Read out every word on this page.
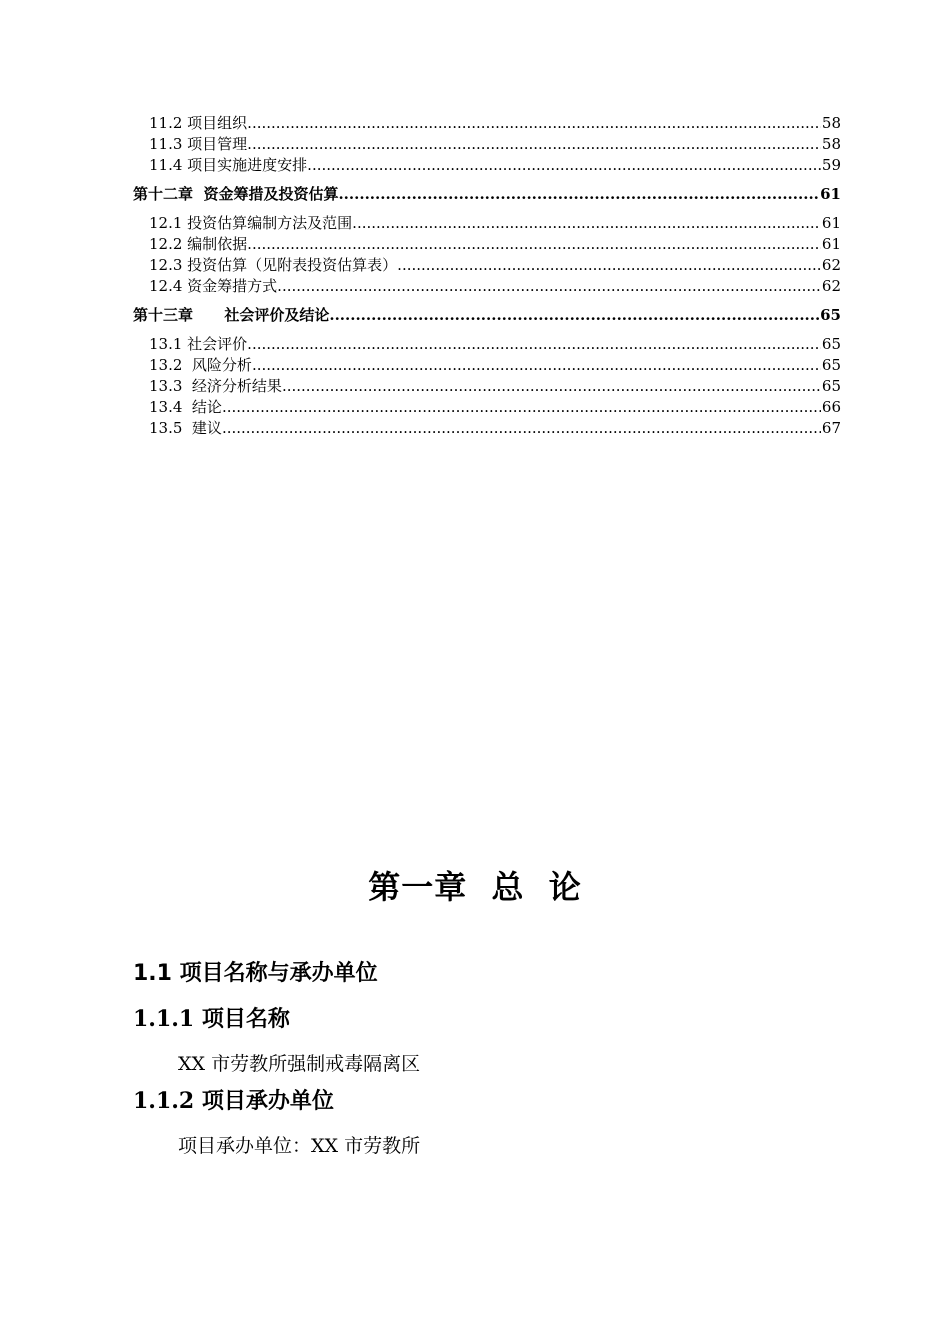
11.2 项目组织 .....	58
11.3 项目管理 .....	58
11.4 项目实施进度安排 .....	59
第十二章  资金筹措及投资估算 .....	61
12.1 投资估算编制方法及范围 .....	61
12.2 编制依据 .....	61
12.3 投资估算（见附表投资估算表） .....	62
12.4 资金筹措方式 .....	62
第十三章      社会评价及结论 .....	65
13.1 社会评价 .....	65
13.2  风险分析 .....	65
13.3  经济分析结果 .....	65
13.4  结论 .....	66
13.5  建议 .....	67
第一章  总  论
1.1 项目名称与承办单位
1.1.1 项目名称
XX 市劳教所强制戒毒隔离区
1.1.2 项目承办单位
项目承办单位：XX 市劳教所
